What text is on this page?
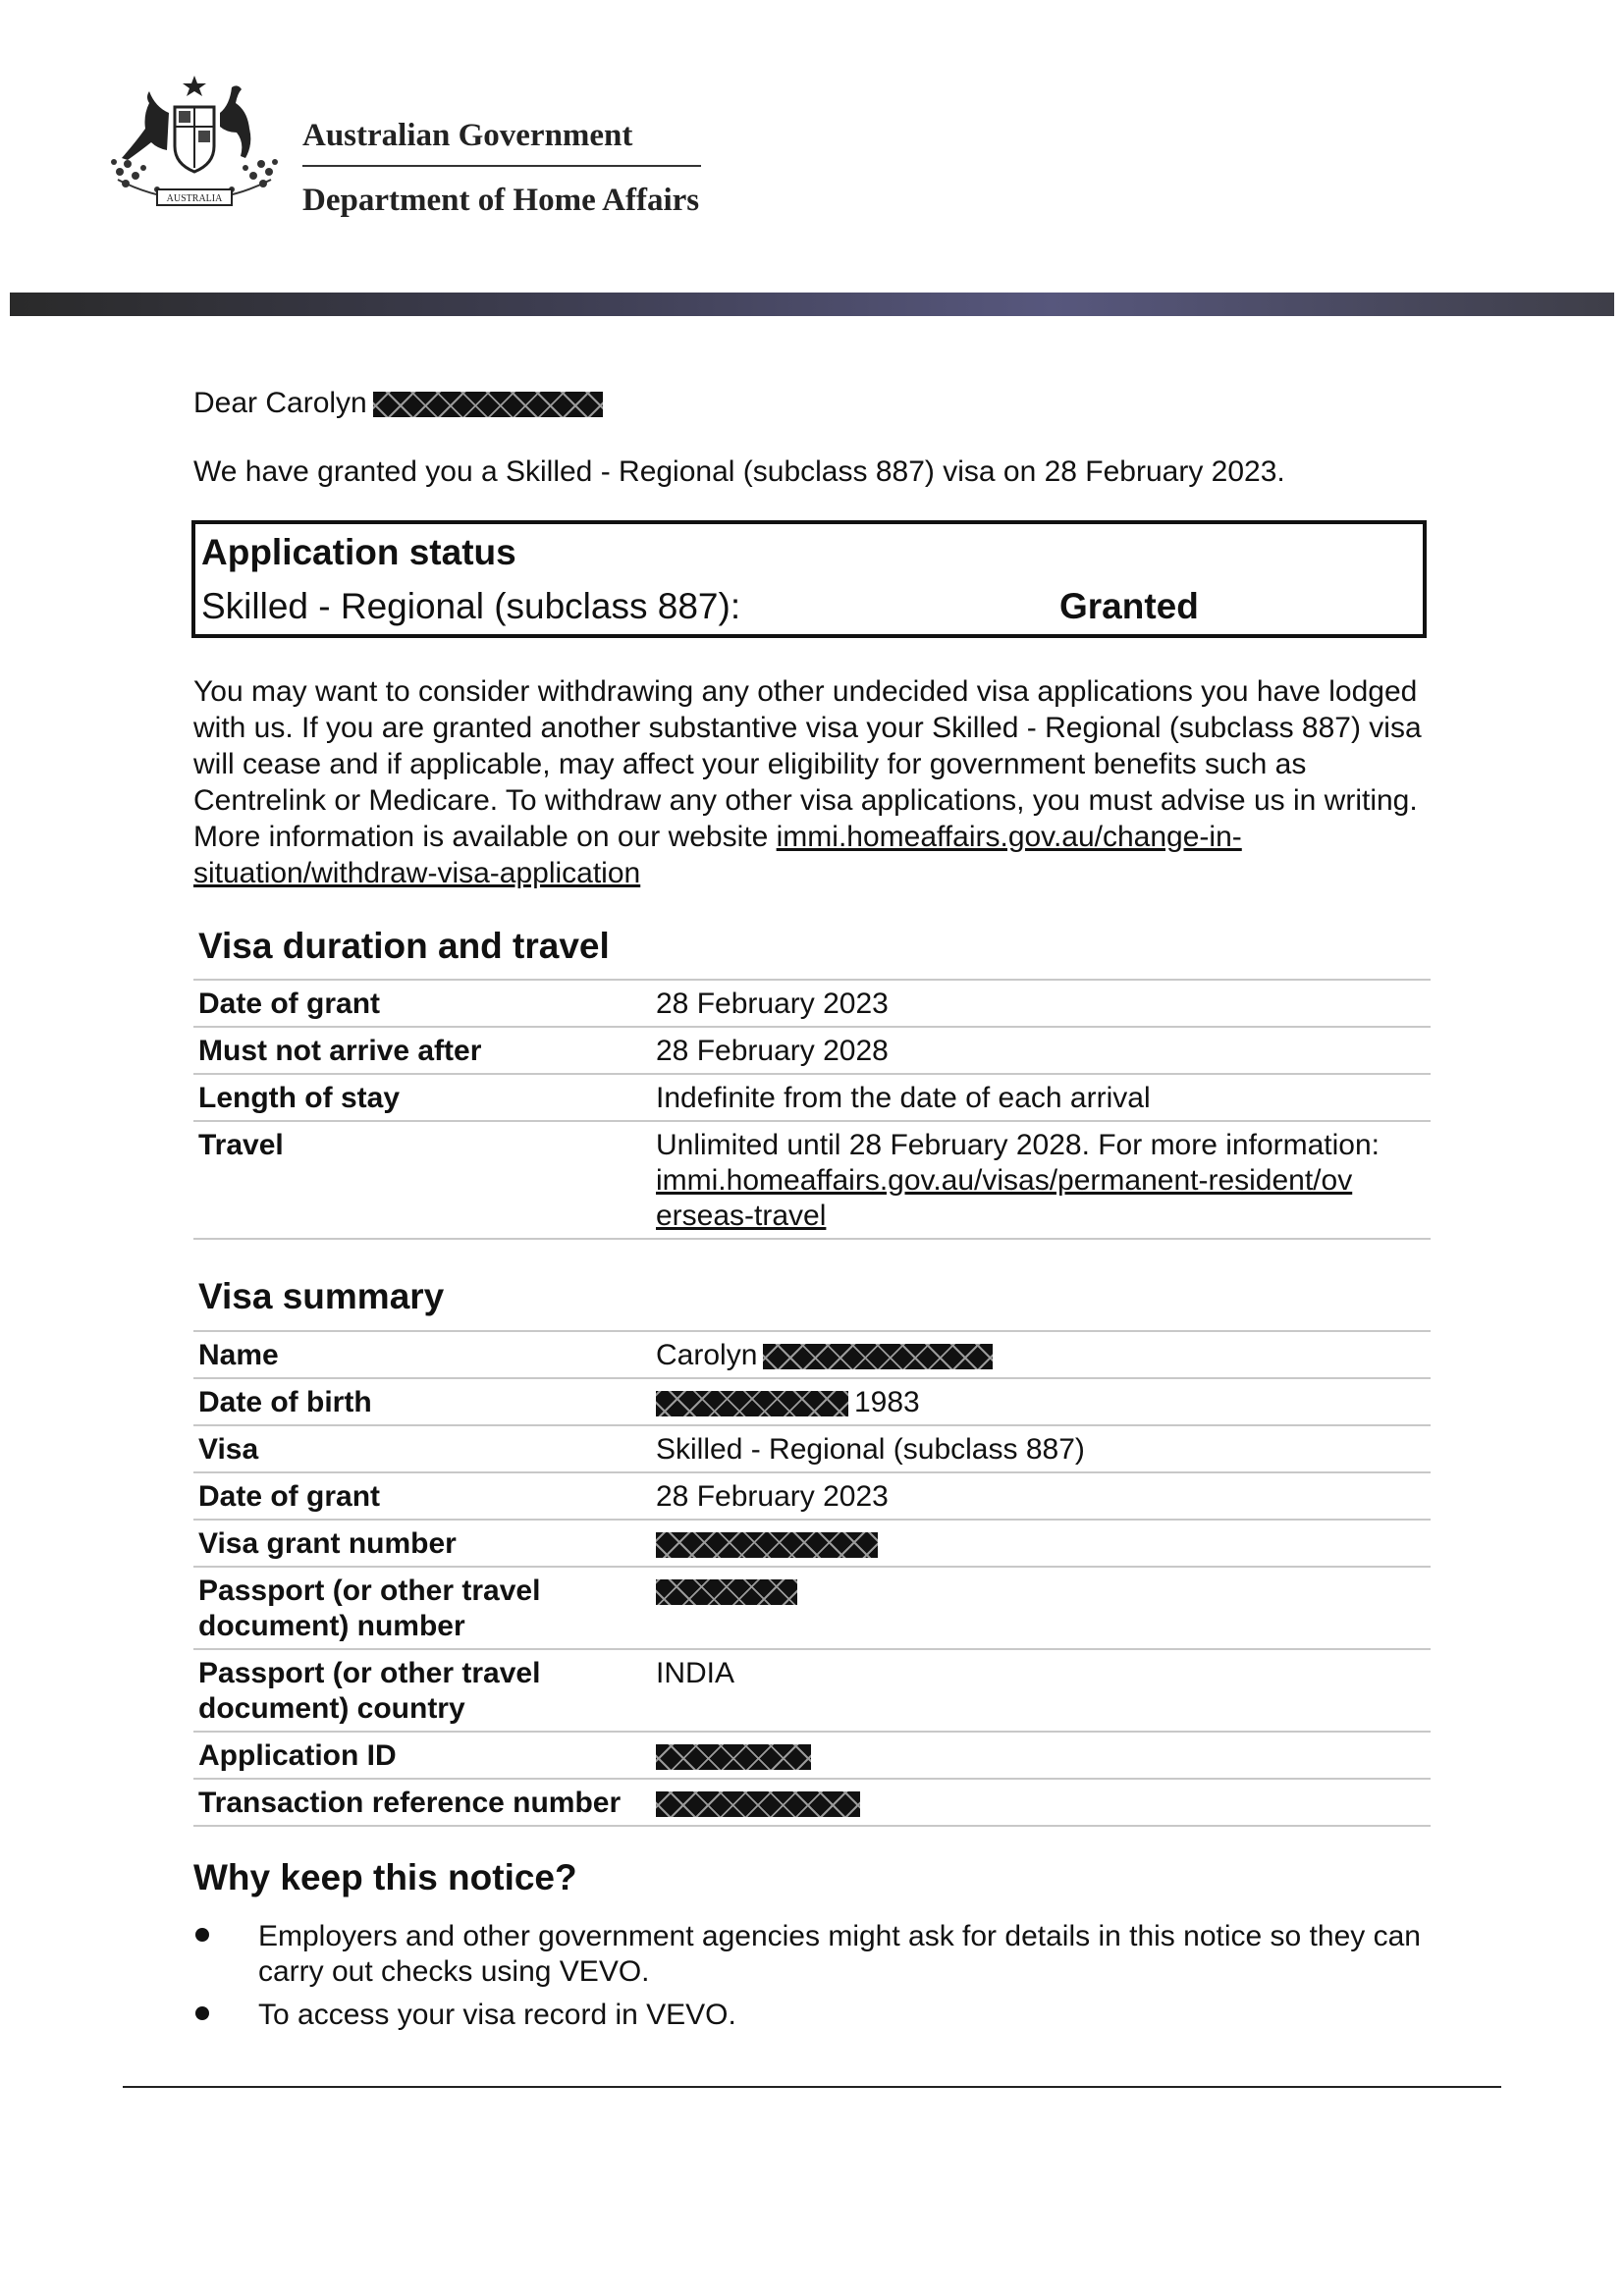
AUSTRALIA
Australian Government
Department of Home Affairs

Dear Carolyn

We have granted you a Skilled - Regional (subclass 887) visa on 28 February 2023.

Application status
Skilled - Regional (subclass 887):	Granted

You may want to consider withdrawing any other undecided visa applications you have lodged with us. If you are granted another substantive visa your Skilled - Regional (subclass 887) visa will cease and if applicable, may affect your eligibility for government benefits such as Centrelink or Medicare. To withdraw any other visa applications, you must advise us in writing. More information is available on our website immi.homeaffairs.gov.au/change-in-situation/withdraw-visa-application

Visa duration and travel
Date of grant	28 February 2023
Must not arrive after	28 February 2028
Length of stay	Indefinite from the date of each arrival
Travel	Unlimited until 28 February 2028. For more information:
immi.homeaffairs.gov.au/visas/permanent-resident/overseas-travel
Visa summary
Name	Carolyn
Date of birth	1983
Visa	Skilled - Regional (subclass 887)
Date of grant	28 February 2023
Visa grant number	
Passport (or other travel document) number	
Passport (or other travel document) country	INDIA
Application ID	
Transaction reference number	
Why keep this notice?
Employers and other government agencies might ask for details in this notice so they can carry out checks using VEVO.
To access your visa record in VEVO.
